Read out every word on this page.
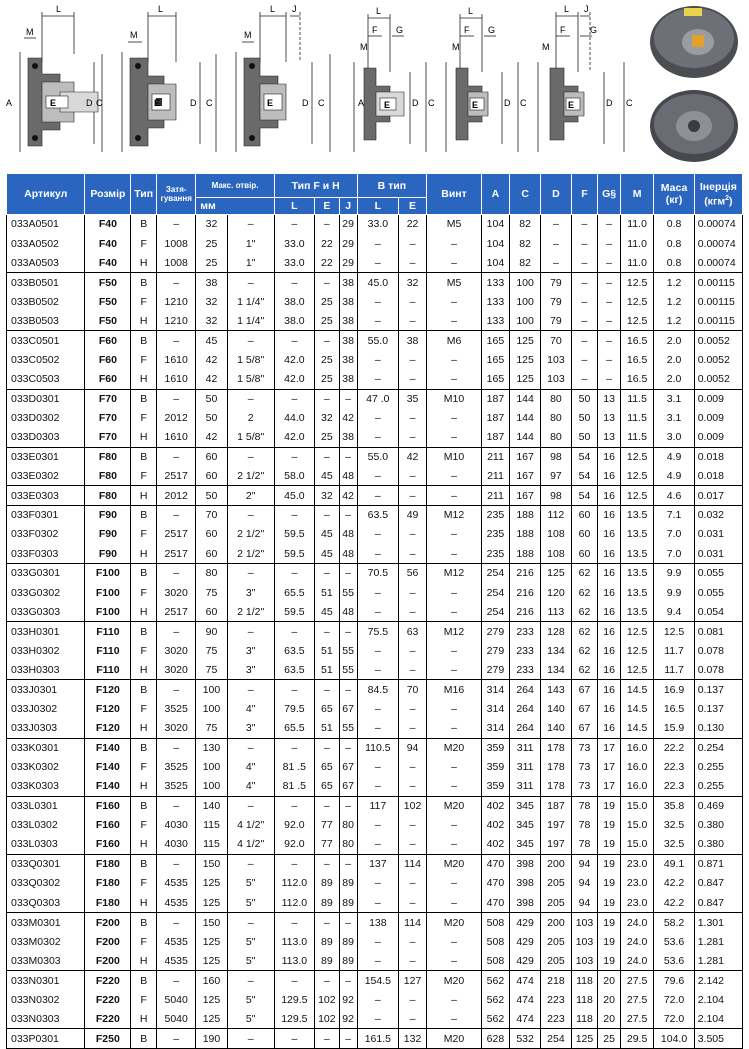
L
M
A	E	D C
L
M
E	D C
L J
M
E	D C
L
F G
M
A E D C
L
F G
M
E	D C
L J
F	G
M
E	D C
Артикул	Розмір	Тип	Затя-гування	Макс. отвір.		Тип F и H			B тип		Винт	A	C	D	F	G§	M	Маса
(кг)	Інерція
(кгм$^2$)
				мм		L	E	J	L	E									
033A0501	F40	B	–	32	–	–	–	29	33.0	22	M5	104	82	–	–	–	11.0	0.8	0.00074
033A0502	F40	F	1008	25	1"	33.0	22	29	–	–	–	104	82	–	–	–	11.0	0.8	0.00074
033A0503	F40	H	1008	25	1"	33.0	22	29	–	–	–	104	82	–	–	–	11.0	0.8	0.00074
033B0501	F50	B	–	38	–	–	–	38	45.0	32	M5	133	100	79	–	–	12.5	1.2	0.00115
033B0502	F50	F	1210	32	1 1/4"	38.0	25	38	–	–	–	133	100	79	–	–	12.5	1.2	0.00115
033B0503	F50	H	1210	32	1 1/4"	38.0	25	38	–	–	–	133	100	79	–	–	12.5	1.2	0.00115
033C0501	F60	B	–	45	–	–	–	38	55.0	38	M6	165	125	70	–	–	16.5	2.0	0.0052
033C0502	F60	F	1610	42	1 5/8"	42.0	25	38	–	–	–	165	125	103	–	–	16.5	2.0	0.0052
033C0503	F60	H	1610	42	1 5/8"	42.0	25	38	–	–	–	165	125	103	–	–	16.5	2.0	0.0052
033D0301	F70	B	–	50	–	–	–	–	47 .0	35	M10	187	144	80	50	13	11.5	3.1	0.009
033D0302	F70	F	2012	50	2	44.0	32	42	–	–	–	187	144	80	50	13	11.5	3.1	0.009
033D0303	F70	H	1610	42	1 5/8"	42.0	25	38	–	–	–	187	144	80	50	13	11.5	3.0	0.009
033E0301	F80	B	–	60	–	–	–	–	55.0	42	M10	211	167	98	54	16	12.5	4.9	0.018
033E0302	F80	F	2517	60	2 1/2"	58.0	45	48	–	–	–	211	167	97	54	16	12.5	4.9	0.018
033E0303	F80	H	2012	50	2"	45.0	32	42	–	–	–	211	167	98	54	16	12.5	4.6	0.017
033F0301	F90	B	–	70	–	–	–	–	63.5	49	M12	235	188	112	60	16	13.5	7.1	0.032
033F0302	F90	F	2517	60	2 1/2"	59.5	45	48	–	–	–	235	188	108	60	16	13.5	7.0	0.031
033F0303	F90	H	2517	60	2 1/2"	59.5	45	48	–	–	–	235	188	108	60	16	13.5	7.0	0.031
033G0301	F100	B	–	80	–	–	–	–	70.5	56	M12	254	216	125	62	16	13.5	9.9	0.055
033G0302	F100	F	3020	75	3"	65.5	51	55	–	–	–	254	216	120	62	16	13.5	9.9	0.055
033G0303	F100	H	2517	60	2 1/2"	59.5	45	48	–	–	–	254	216	113	62	16	13.5	9.4	0.054
033H0301	F110	B	–	90	–	–	–	–	75.5	63	M12	279	233	128	62	16	12.5	12.5	0.081
033H0302	F110	F	3020	75	3"	63.5	51	55	–	–	–	279	233	134	62	16	12.5	11.7	0.078
033H0303	F110	H	3020	75	3"	63.5	51	55	–	–	–	279	233	134	62	16	12.5	11.7	0.078
033J0301	F120	B	–	100	–	–	–	–	84.5	70	M16	314	264	143	67	16	14.5	16.9	0.137
033J0302	F120	F	3525	100	4"	79.5	65	67	–	–	–	314	264	140	67	16	14.5	16.5	0.137
033J0303	F120	H	3020	75	3"	65.5	51	55	–	–	–	314	264	140	67	16	14.5	15.9	0.130
033K0301	F140	B	–	130	–	–	–	–	110.5	94	M20	359	311	178	73	17	16.0	22.2	0.254
033K0302	F140	F	3525	100	4"	81 .5	65	67	–	–	–	359	311	178	73	17	16.0	22.3	0.255
033K0303	F140	H	3525	100	4"	81 .5	65	67	–	–	–	359	311	178	73	17	16.0	22.3	0.255
033L0301	F160	B	–	140	–	–	–	–	117	102	M20	402	345	187	78	19	15.0	35.8	0.469
033L0302	F160	F	4030	115	4 1/2"	92.0	77	80	–	–	–	402	345	197	78	19	15.0	32.5	0.380
033L0303	F160	H	4030	115	4 1/2"	92.0	77	80	–	–	–	402	345	197	78	19	15.0	32.5	0.380
033Q0301	F180	B	–	150	–	–	–	–	137	114	M20	470	398	200	94	19	23.0	49.1	0.871
033Q0302	F180	F	4535	125	5"	112.0	89	89	–	–	–	470	398	205	94	19	23.0	42.2	0.847
033Q0303	F180	H	4535	125	5"	112.0	89	89	–	–	–	470	398	205	94	19	23.0	42.2	0.847
033M0301	F200	B	–	150	–	–	–	–	138	114	M20	508	429	200	103	19	24.0	58.2	1.301
033M0302	F200	F	4535	125	5"	113.0	89	89	–	–	–	508	429	205	103	19	24.0	53.6	1.281
033M0303	F200	H	4535	125	5"	113.0	89	89	–	–	–	508	429	205	103	19	24.0	53.6	1.281
033N0301	F220	B	–	160	–	–	–	–	154.5	127	M20	562	474	218	118	20	27.5	79.6	2.142
033N0302	F220	F	5040	125	5"	129.5	102	92	–	–	–	562	474	223	118	20	27.5	72.0	2.104
033N0303	F220	H	5040	125	5"	129.5	102	92	–	–	–	562	474	223	118	20	27.5	72.0	2.104
033P0301	F250	B	–	190	–	–	–	–	161.5	132	M20	628	532	254	125	25	29.5	104.0	3.505
